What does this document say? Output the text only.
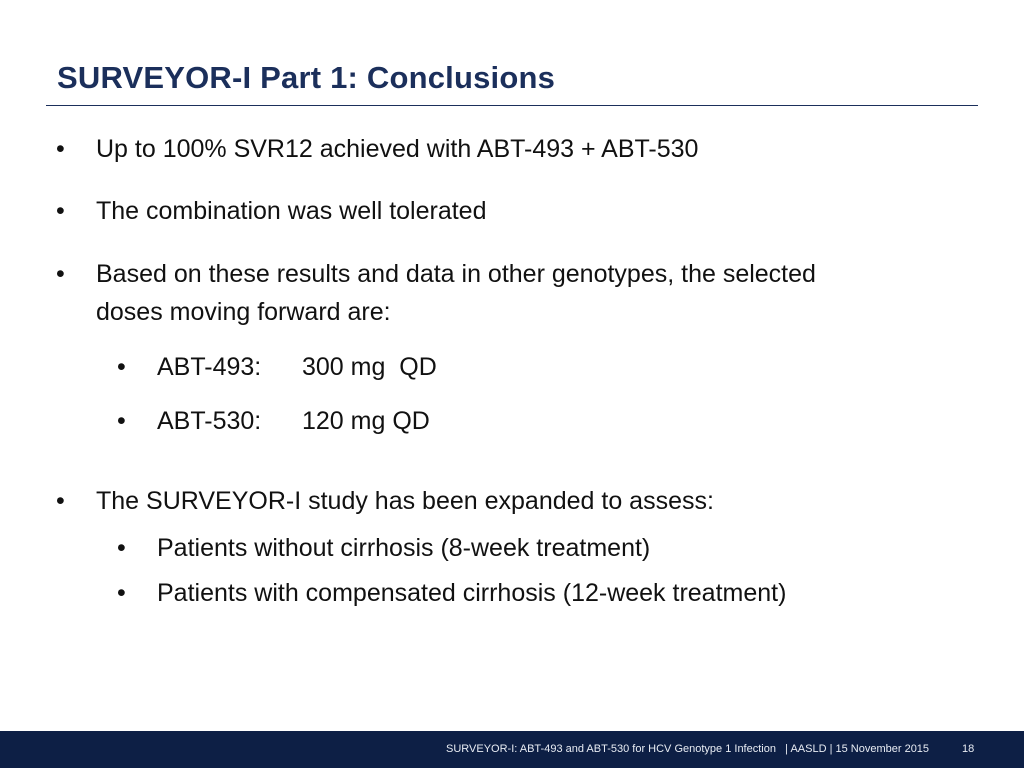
SURVEYOR-I Part 1: Conclusions
• Up to 100% SVR12 achieved with ABT-493 + ABT-530
• The combination was well tolerated
• Based on these results and data in other genotypes, the selected
doses moving forward are:
• ABT-493: 300 mg  QD
• ABT-530: 120 mg QD
• The SURVEYOR-I study has been expanded to assess:
• Patients without cirrhosis (8-week treatment)
• Patients with compensated cirrhosis (12-week treatment)
SURVEYOR-I: ABT-493 and ABT-530 for HCV Genotype 1 Infection   | AASLD | 15 November 2015	18
